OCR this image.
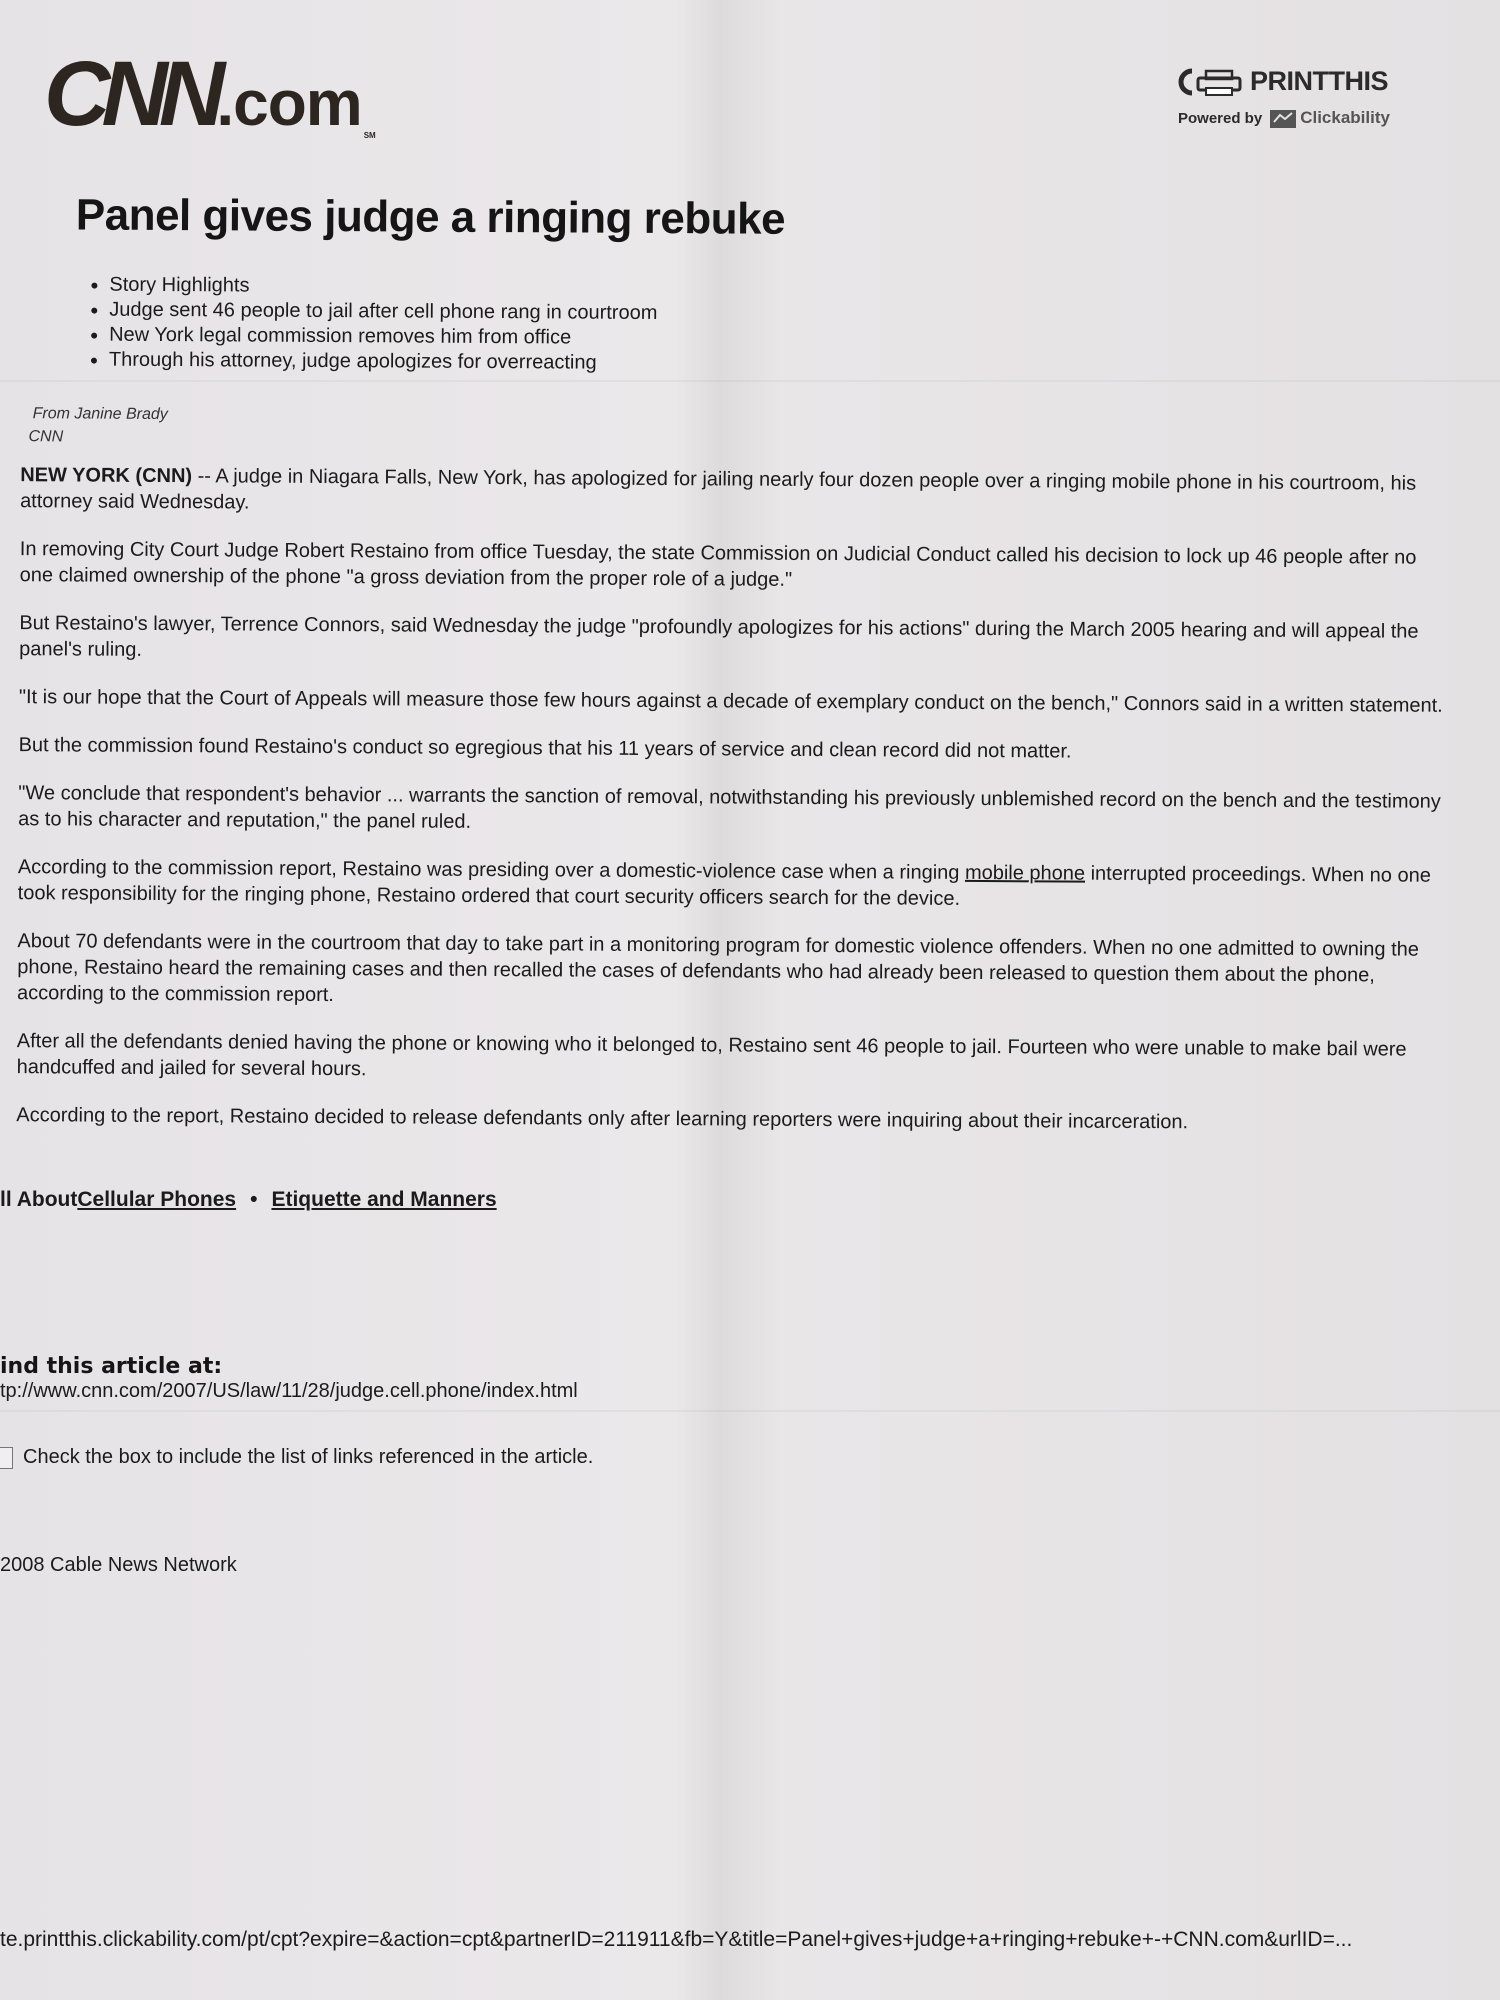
CNN.com SM
PRINTTHIS
Powered by Clickability
Panel gives judge a ringing rebuke
• Story Highlights
• Judge sent 46 people to jail after cell phone rang in courtroom
• New York legal commission removes him from office
• Through his attorney, judge apologizes for overreacting
From Janine Brady
CNN

NEW YORK (CNN) -- A judge in Niagara Falls, New York, has apologized for jailing nearly four dozen people over a ringing mobile phone in his courtroom, his attorney said Wednesday.

In removing City Court Judge Robert Restaino from office Tuesday, the state Commission on Judicial Conduct called his decision to lock up 46 people after no one claimed ownership of the phone "a gross deviation from the proper role of a judge."

But Restaino's lawyer, Terrence Connors, said Wednesday the judge "profoundly apologizes for his actions" during the March 2005 hearing and will appeal the panel's ruling.

"It is our hope that the Court of Appeals will measure those few hours against a decade of exemplary conduct on the bench," Connors said in a written statement.

But the commission found Restaino's conduct so egregious that his 11 years of service and clean record did not matter.

"We conclude that respondent's behavior ... warrants the sanction of removal, notwithstanding his previously unblemished record on the bench and the testimony as to his character and reputation," the panel ruled.

According to the commission report, Restaino was presiding over a domestic-violence case when a ringing mobile phone interrupted proceedings. When no one took responsibility for the ringing phone, Restaino ordered that court security officers search for the device.

About 70 defendants were in the courtroom that day to take part in a monitoring program for domestic violence offenders. When no one admitted to owning the phone, Restaino heard the remaining cases and then recalled the cases of defendants who had already been released to question them about the phone, according to the commission report.

After all the defendants denied having the phone or knowing who it belonged to, Restaino sent 46 people to jail. Fourteen who were unable to make bail were handcuffed and jailed for several hours.

According to the report, Restaino decided to release defendants only after learning reporters were inquiring about their incarceration.

ll AboutCellular Phones • Etiquette and Manners
ind this article at:
tp://www.cnn.com/2007/US/law/11/28/judge.cell.phone/index.html
Check the box to include the list of links referenced in the article.
2008 Cable News Network
te.printthis.clickability.com/pt/cpt?expire=&action=cpt&partnerID=211911&fb=Y&title=Panel+gives+judge+a+ringing+rebuke+-+CNN.com&urlID=...
